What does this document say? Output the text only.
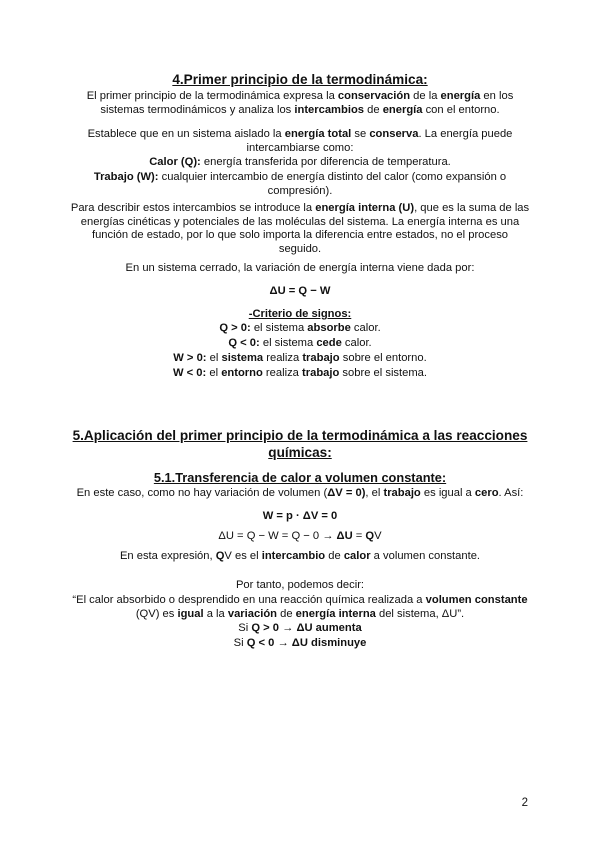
4.Primer principio de la termodinámica:
El primer principio de la termodinámica expresa la conservación de la energía en los sistemas termodinámicos y analiza los intercambios de energía con el entorno.
Establece que en un sistema aislado la energía total se conserva. La energía puede intercambiarse como:
Calor (Q): energía transferida por diferencia de temperatura.
Trabajo (W): cualquier intercambio de energía distinto del calor (como expansión o compresión).
Para describir estos intercambios se introduce la energía interna (U), que es la suma de las energías cinéticas y potenciales de las moléculas del sistema. La energía interna es una función de estado, por lo que solo importa la diferencia entre estados, no el proceso seguido.
En un sistema cerrado, la variación de energía interna viene dada por:
ΔU = Q − W
-Criterio de signos:
Q > 0: el sistema absorbe calor.
Q < 0: el sistema cede calor.
W > 0: el sistema realiza trabajo sobre el entorno.
W < 0: el entorno realiza trabajo sobre el sistema.
5.Aplicación del primer principio de la termodinámica a las reacciones químicas:
5.1.Transferencia de calor a volumen constante:
En este caso, como no hay variación de volumen (ΔV = 0), el trabajo es igual a cero. Así:
W = p · ΔV = 0
ΔU = Q − W = Q − 0 → ΔU = QV
En esta expresión, QV es el intercambio de calor a volumen constante.
Por tanto, podemos decir:
“El calor absorbido o desprendido en una reacción química realizada a volumen constante (QV) es igual a la variación de energía interna del sistema, ΔU”.
Si Q > 0 → ΔU aumenta
Si Q < 0 → ΔU disminuye
2
